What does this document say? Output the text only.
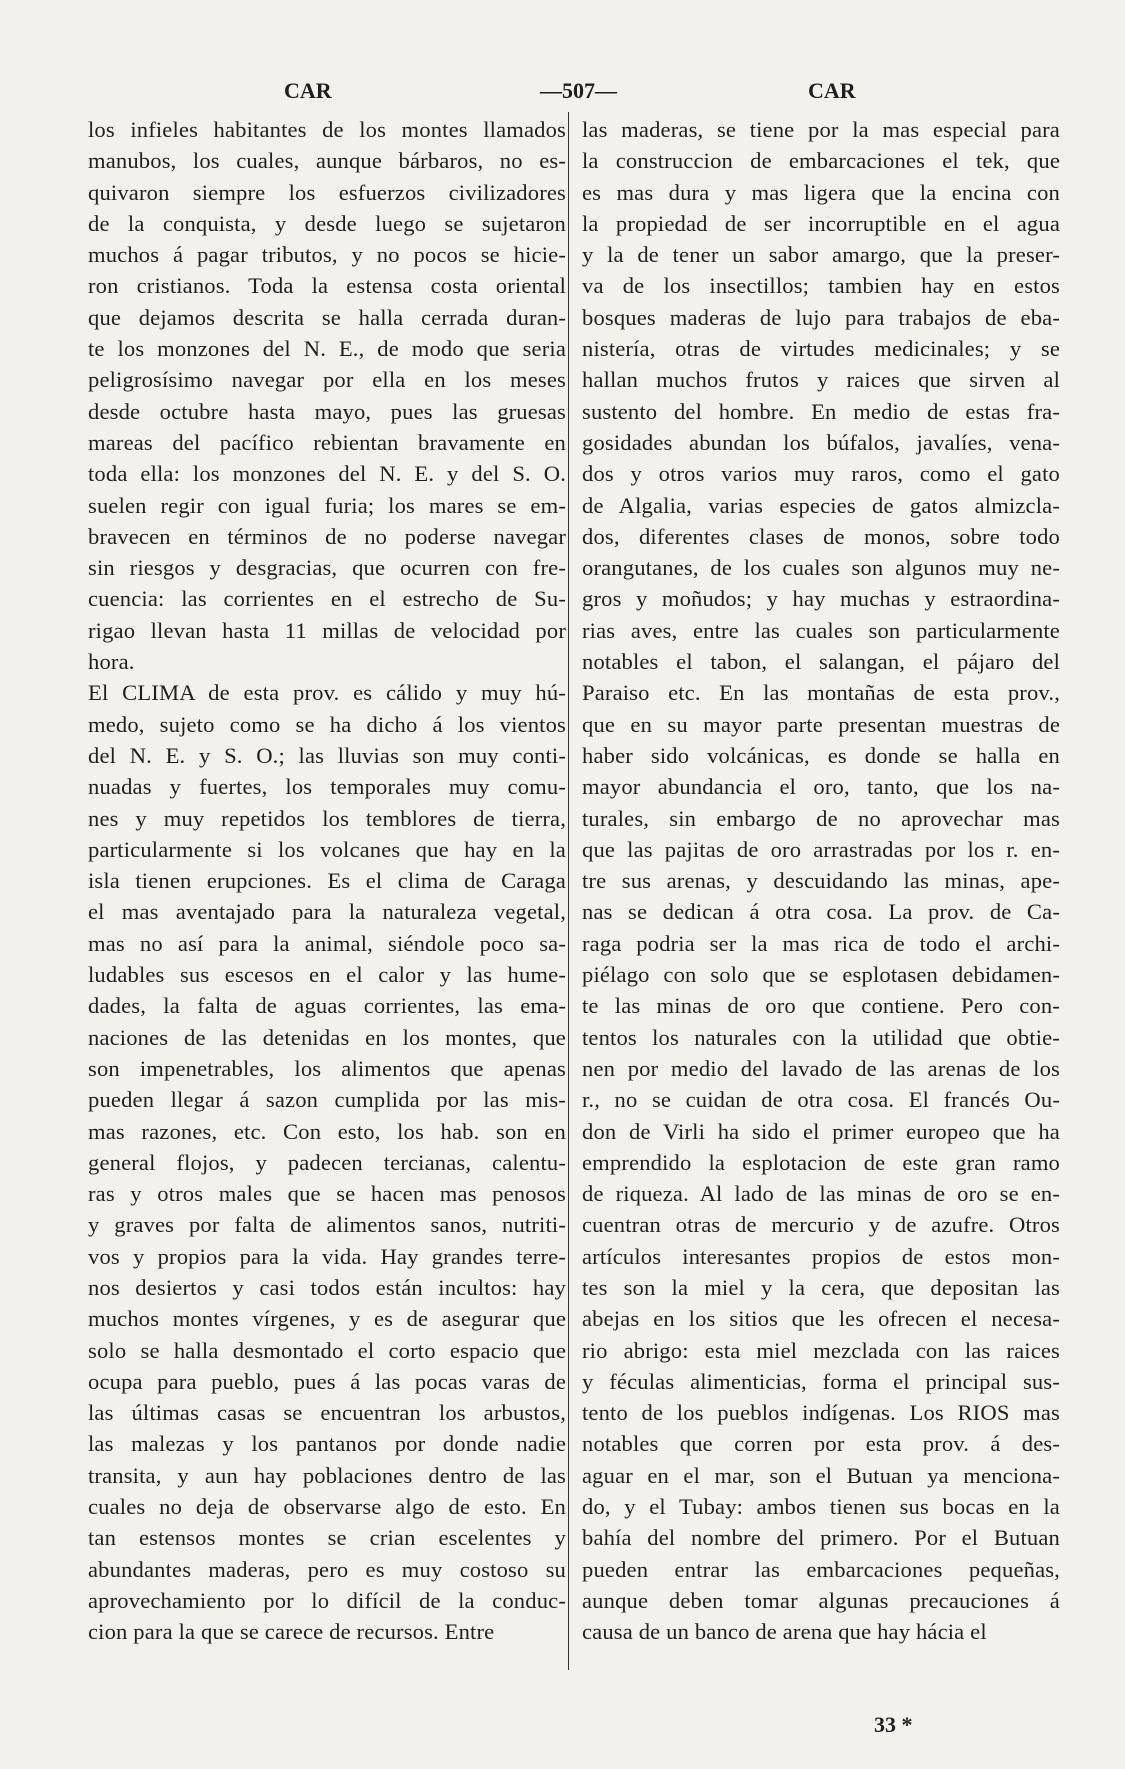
CAR	—507—	CAR
los infieles habitantes de los montes llamados
manubos, los cuales, aunque bárbaros, no es-
quivaron siempre los esfuerzos civilizadores
de la conquista, y desde luego se sujetaron
muchos á pagar tributos, y no pocos se hicie-
ron cristianos. Toda la estensa costa oriental
que dejamos descrita se halla cerrada duran-
te los monzones del N. E., de modo que seria
peligrosísimo navegar por ella en los meses
desde octubre hasta mayo, pues las gruesas
mareas del pacífico rebientan bravamente en
toda ella: los monzones del N. E. y del S. O.
suelen regir con igual furia; los mares se em-
bravecen en términos de no poderse navegar
sin riesgos y desgracias, que ocurren con fre-
cuencia: las corrientes en el estrecho de Su-
rigao llevan hasta 11 millas de velocidad por
hora.
El CLIMA de esta prov. es cálido y muy hú-
medo, sujeto como se ha dicho á los vientos
del N. E. y S. O.; las lluvias son muy conti-
nuadas y fuertes, los temporales muy comu-
nes y muy repetidos los temblores de tierra,
particularmente si los volcanes que hay en la
isla tienen erupciones. Es el clima de Caraga
el mas aventajado para la naturaleza vegetal,
mas no así para la animal, siéndole poco sa-
ludables sus escesos en el calor y las hume-
dades, la falta de aguas corrientes, las ema-
naciones de las detenidas en los montes, que
son impenetrables, los alimentos que apenas
pueden llegar á sazon cumplida por las mis-
mas razones, etc. Con esto, los hab. son en
general flojos, y padecen tercianas, calentu-
ras y otros males que se hacen mas penosos
y graves por falta de alimentos sanos, nutriti-
vos y propios para la vida. Hay grandes terre-
nos desiertos y casi todos están incultos: hay
muchos montes vírgenes, y es de asegurar que
solo se halla desmontado el corto espacio que
ocupa para pueblo, pues á las pocas varas de
las últimas casas se encuentran los arbustos,
las malezas y los pantanos por donde nadie
transita, y aun hay poblaciones dentro de las
cuales no deja de observarse algo de esto. En
tan estensos montes se crian escelentes y
abundantes maderas, pero es muy costoso su
aprovechamiento por lo difícil de la conduc-
cion para la que se carece de recursos. Entre
las maderas, se tiene por la mas especial para
la construccion de embarcaciones el tek, que
es mas dura y mas ligera que la encina con
la propiedad de ser incorruptible en el agua
y la de tener un sabor amargo, que la preser-
va de los insectillos; tambien hay en estos
bosques maderas de lujo para trabajos de eba-
nistería, otras de virtudes medicinales; y se
hallan muchos frutos y raices que sirven al
sustento del hombre. En medio de estas fra-
gosidades abundan los búfalos, javalíes, vena-
dos y otros varios muy raros, como el gato
de Algalia, varias especies de gatos almizcla-
dos, diferentes clases de monos, sobre todo
orangutanes, de los cuales son algunos muy ne-
gros y moñudos; y hay muchas y estraordina-
rias aves, entre las cuales son particularmente
notables el tabon, el salangan, el pájaro del
Paraiso etc. En las montañas de esta prov.,
que en su mayor parte presentan muestras de
haber sido volcánicas, es donde se halla en
mayor abundancia el oro, tanto, que los na-
turales, sin embargo de no aprovechar mas
que las pajitas de oro arrastradas por los r. en-
tre sus arenas, y descuidando las minas, ape-
nas se dedican á otra cosa. La prov. de Ca-
raga podria ser la mas rica de todo el archi-
piélago con solo que se esplotasen debidamen-
te las minas de oro que contiene. Pero con-
tentos los naturales con la utilidad que obtie-
nen por medio del lavado de las arenas de los
r., no se cuidan de otra cosa. El francés Ou-
don de Virli ha sido el primer europeo que ha
emprendido la esplotacion de este gran ramo
de riqueza. Al lado de las minas de oro se en-
cuentran otras de mercurio y de azufre. Otros
artículos interesantes propios de estos mon-
tes son la miel y la cera, que depositan las
abejas en los sitios que les ofrecen el necesa-
rio abrigo: esta miel mezclada con las raices
y féculas alimenticias, forma el principal sus-
tento de los pueblos indígenas. Los RIOS mas
notables que corren por esta prov. á des-
aguar en el mar, son el Butuan ya menciona-
do, y el Tubay: ambos tienen sus bocas en la
bahía del nombre del primero. Por el Butuan
pueden entrar las embarcaciones pequeñas,
aunque deben tomar algunas precauciones á
causa de un banco de arena que hay hácia el
33 *
